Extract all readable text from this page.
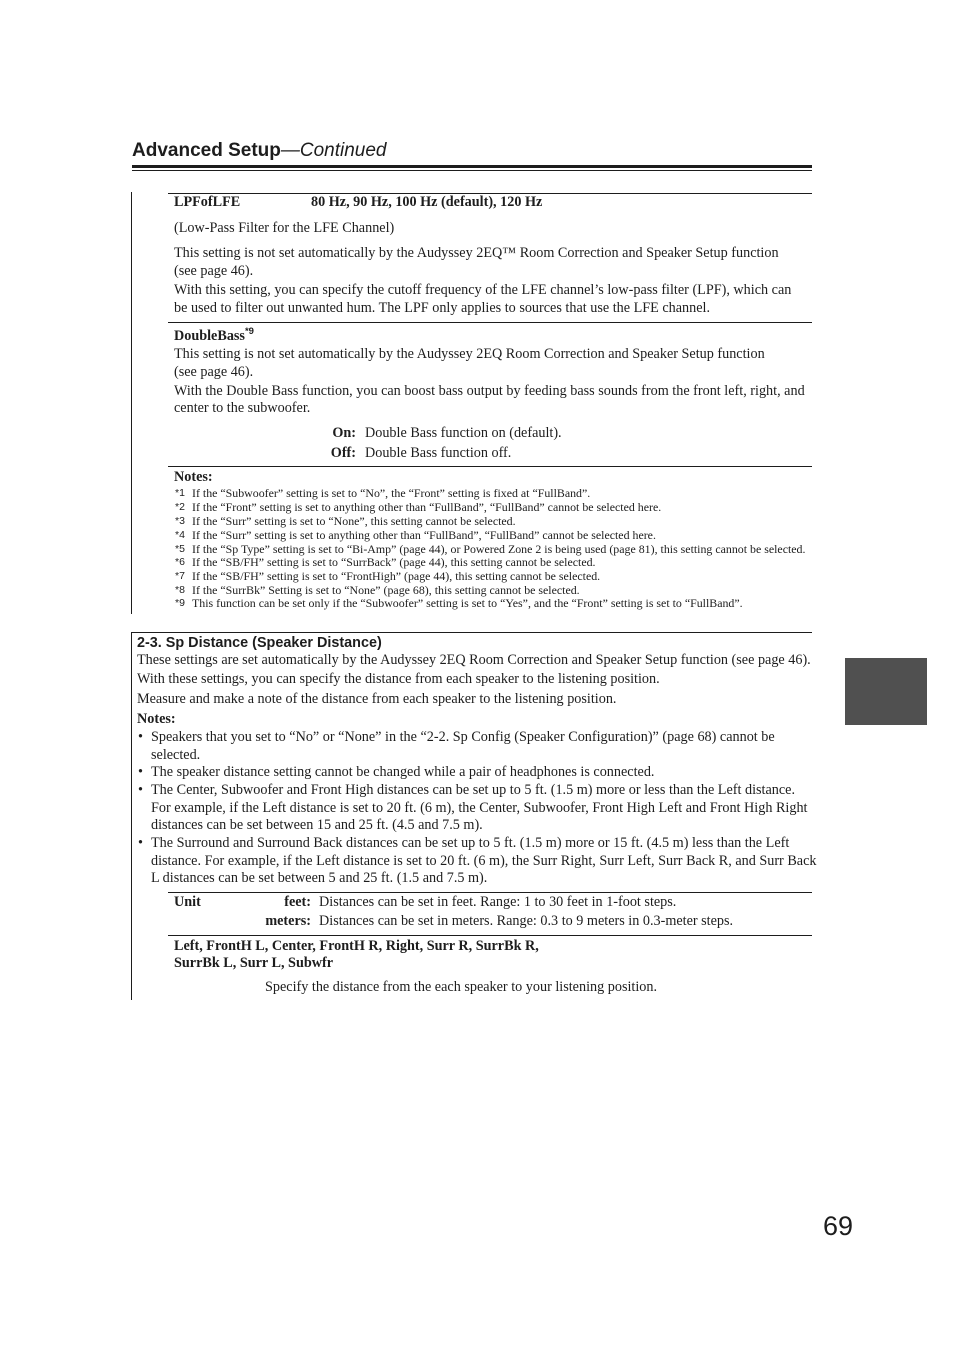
Advanced Setup—Continued
LPFofLFE	80 Hz, 90 Hz, 100 Hz (default), 120 Hz
(Low-Pass Filter for the LFE Channel)
This setting is not set automatically by the Audyssey 2EQ™ Room Correction and Speaker Setup function
(see page 46).
With this setting, you can specify the cutoff frequency of the LFE channel’s low-pass filter (LPF), which can
be used to filter out unwanted hum. The LPF only applies to sources that use the LFE channel.
DoubleBass$^{*9}$
This setting is not set automatically by the Audyssey 2EQ Room Correction and Speaker Setup function
(see page 46).
With the Double Bass function, you can boost bass output by feeding bass sounds from the front left, right, and
center to the subwoofer.
On: Double Bass function on (default).
Off: Double Bass function off.
Notes:
*1 If the “Subwoofer” setting is set to “No”, the “Front” setting is fixed at “FullBand”.
*2 If the “Front” setting is set to anything other than “FullBand”, “FullBand” cannot be selected here.
*3 If the “Surr” setting is set to “None”, this setting cannot be selected.
*4 If the “Surr” setting is set to anything other than “FullBand”, “FullBand” cannot be selected here.
*5 If the “Sp Type” setting is set to “Bi-Amp” (page 44), or Powered Zone 2 is being used (page 81), this setting cannot be selected.
*6 If the “SB/FH” setting is set to “SurrBack” (page 44), this setting cannot be selected.
*7 If the “SB/FH” setting is set to “FrontHigh” (page 44), this setting cannot be selected.
*8 If the “SurrBk” Setting is set to “None” (page 68), this setting cannot be selected.
*9 This function can be set only if the “Subwoofer” setting is set to “Yes”, and the “Front” setting is set to “FullBand”.
2-3. Sp Distance (Speaker Distance)
These settings are set automatically by the Audyssey 2EQ Room Correction and Speaker Setup function (see page 46).
With these settings, you can specify the distance from each speaker to the listening position.
Measure and make a note of the distance from each speaker to the listening position.
Notes:
• Speakers that you set to “No” or “None” in the “2-2. Sp Config (Speaker Configuration)” (page 68) cannot be
selected.
• The speaker distance setting cannot be changed while a pair of headphones is connected.
• The Center, Subwoofer and Front High distances can be set up to 5 ft. (1.5 m) more or less than the Left distance.
For example, if the Left distance is set to 20 ft. (6 m), the Center, Subwoofer, Front High Left and Front High Right
distances can be set between 15 and 25 ft. (4.5 and 7.5 m).
• The Surround and Surround Back distances can be set up to 5 ft. (1.5 m) more or 15 ft. (4.5 m) less than the Left
distance. For example, if the Left distance is set to 20 ft. (6 m), the Surr Right, Surr Left, Surr Back R, and Surr Back
L distances can be set between 5 and 25 ft. (1.5 and 7.5 m).
Unit	feet: Distances can be set in feet. Range: 1 to 30 feet in 1-foot steps.
meters: Distances can be set in meters. Range: 0.3 to 9 meters in 0.3-meter steps.
Left, FrontH L, Center, FrontH R, Right, Surr R, SurrBk R,
SurrBk L, Surr L, Subwfr
Specify the distance from the each speaker to your listening position.
69
